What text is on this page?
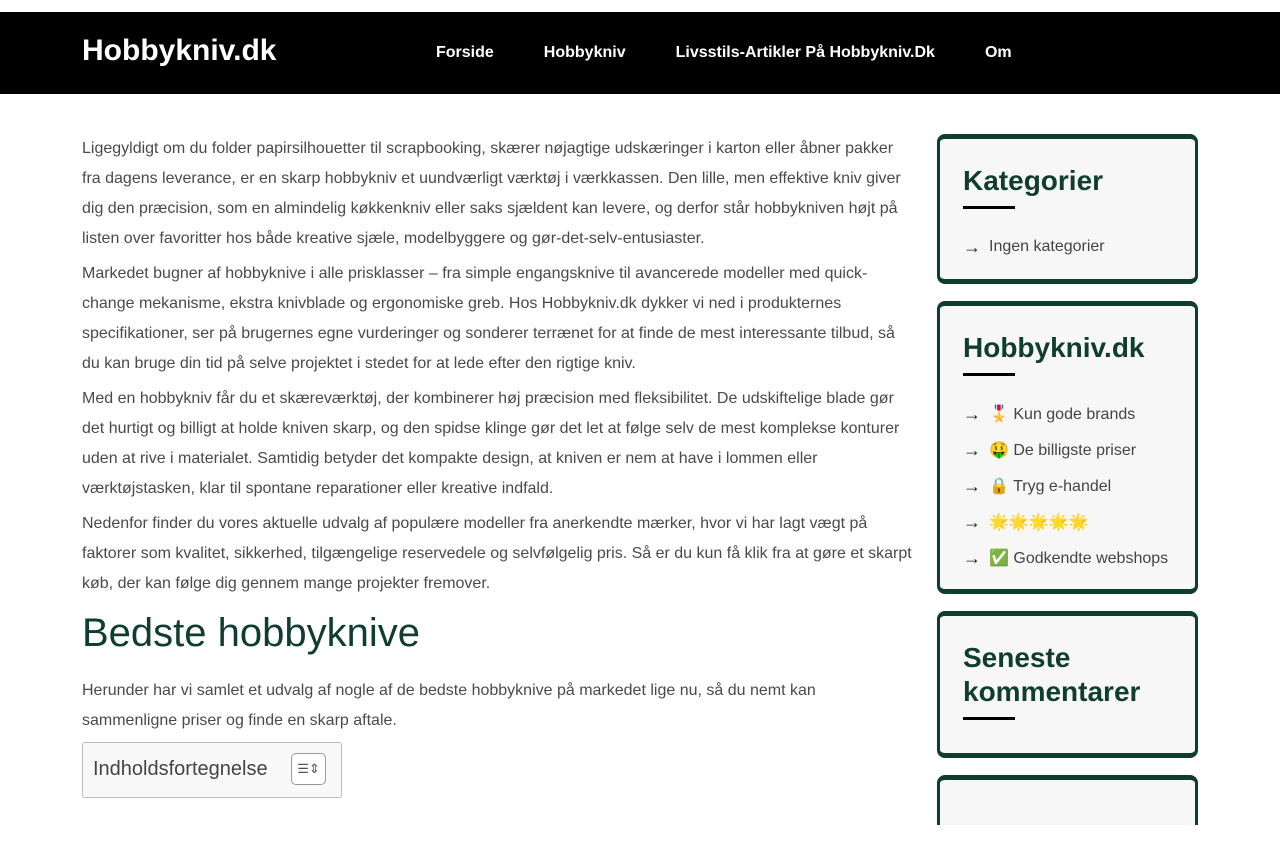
Hobbykniv.dk	Forside	Hobbykniv	Livsstils-Artikler På Hobbykniv.Dk	Om

Ligegyldigt om du folder papirsilhouetter til scrapbooking, skærer nøjagtige udskæringer i karton eller åbner pakker fra dagens leverance, er en skarp hobbykniv et uundværligt værktøj i værkkassen. Den lille, men effektive kniv giver dig den præcision, som en almindelig køkkenkniv eller saks sjældent kan levere, og derfor står hobbykniven højt på listen over favoritter hos både kreative sjæle, modelbyggere og gør-det-selv-entusiaster.

Markedet bugner af hobbyknive i alle prisklasser – fra simple engangsknive til avancerede modeller med quick-change mekanisme, ekstra knivblade og ergonomiske greb. Hos Hobbykniv.dk dykker vi ned i produkternes specifikationer, ser på brugernes egne vurderinger og sonderer terrænet for at finde de mest interessante tilbud, så du kan bruge din tid på selve projektet i stedet for at lede efter den rigtige kniv.

Med en hobbykniv får du et skæreværktøj, der kombinerer høj præcision med fleksibilitet. De udskiftelige blade gør det hurtigt og billigt at holde kniven skarp, og den spidse klinge gør det let at følge selv de mest komplekse konturer uden at rive i materialet. Samtidig betyder det kompakte design, at kniven er nem at have i lommen eller værktøjstasken, klar til spontane reparationer eller kreative indfald.

Nedenfor finder du vores aktuelle udvalg af populære modeller fra anerkendte mærker, hvor vi har lagt vægt på faktorer som kvalitet, sikkerhed, tilgængelige reservedele og selvfølgelig pris. Så er du kun få klik fra at gøre et skarpt køb, der kan følge dig gennem mange projekter fremover.

Bedste hobbyknive

Herunder har vi samlet et udvalg af nogle af de bedste hobbyknive på markedet lige nu, så du nemt kan sammenligne priser og finde en skarp aftale.

Indholdsfortegnelse ☰⇕
Kategorier
→ Ingen kategorier
Hobbykniv.dk
→ 🎖️ Kun gode brands
→ 🤑 De billigste priser
→ 🔒 Tryg e-handel
→ 🌟🌟🌟🌟🌟
→ ✅ Godkendte webshops
Seneste kommentarer
